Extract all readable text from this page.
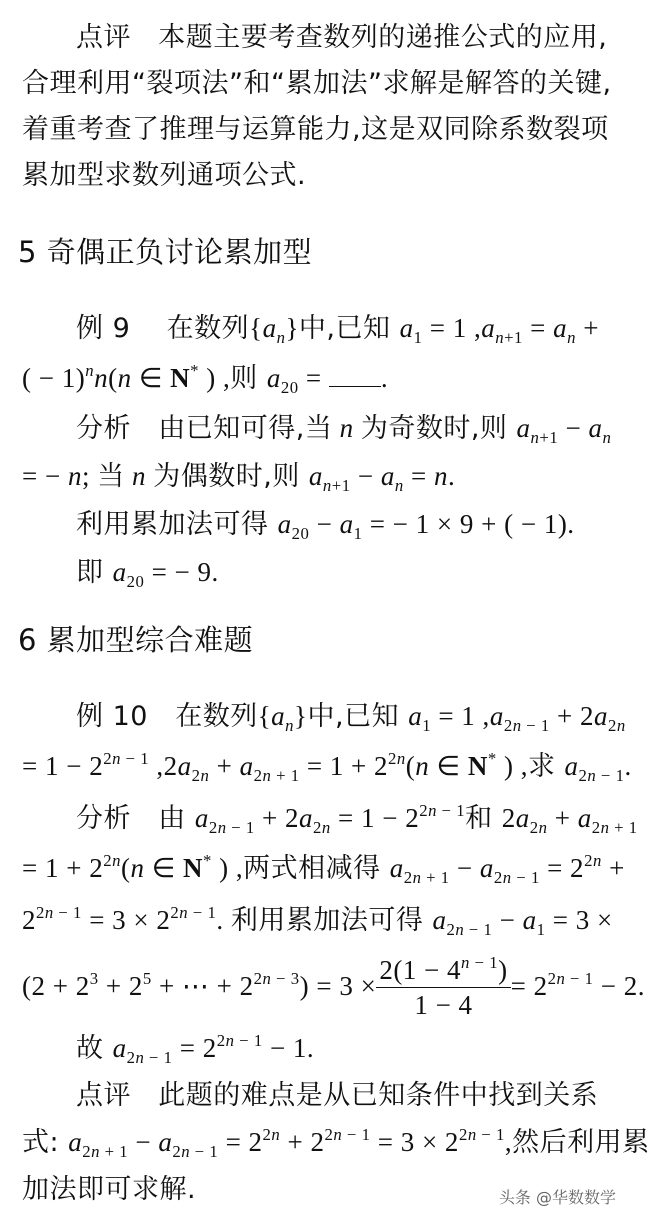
点评 本题主要考查数列的递推公式的应用,
合理利用“裂项法”和“累加法”求解是解答的关键,
着重考查了推理与运算能力,这是双同除系数裂项
累加型求数列通项公式.
5 奇偶正负讨论累加型
例 9 在数列$\{a_n\}$中,已知 $a_1 = 1$ $,a_{n+1} = a_n$ +
( − 1)$^n$n(n ∈ N* ) ,则 $a_{20}$ = .
分析 由已知可得,当 n 为奇数时,则 $a_{n+1} - a_n$
= − n; 当 n 为偶数时,则 $a_{n+1} - a_n = n$.
利用累加法可得 $a_{20} - a_1$ = − 1 × 9 + ( − 1).
即 $a_{20}$ = − 9.
6 累加型综合难题
例 10 在数列$\{a_n\}$中,已知 $a_1 = 1$ $,a_{2n - 1} + 2a_{2n}$
= $1 - 2^{2n - 1}$ $,2a_{2n} + a_{2n + 1} = 1 + 2^{2n}(n$ ∈ N* ) ,求 $a_{2n - 1}$.
分析 由 $a_{2n - 1} + 2a_{2n} = 1 - 2^{2n - 1}$和 $2a_{2n} + a_{2n + 1}$
= $1 + 2^{2n}(n$ ∈ N* ) ,两式相减得 $a_{2n + 1} - a_{2n - 1} = 2^{2n}$ +
$2^{2n - 1} = 3 \times 2^{2n - 1}$. 利用累加法可得 $a_{2n - 1} - a_1 = 3$ ×
($2 + 2^3 + 2^5$ + ⋯ + $2^{2n - 3}) = 3 \times \frac{2(1 - 4^{n - 1})}{1 - 4} = 2^{2n - 1} - 2$.
故 $a_{2n - 1} = 2^{2n - 1} - 1$.
点评 此题的难点是从已知条件中找到关系
式: $a_{2n + 1} - a_{2n - 1} = 2^{2n} + 2^{2n - 1} = 3 \times 2^{2n - 1}$,然后利用累
加法即可求解.	头条 @华数数学
